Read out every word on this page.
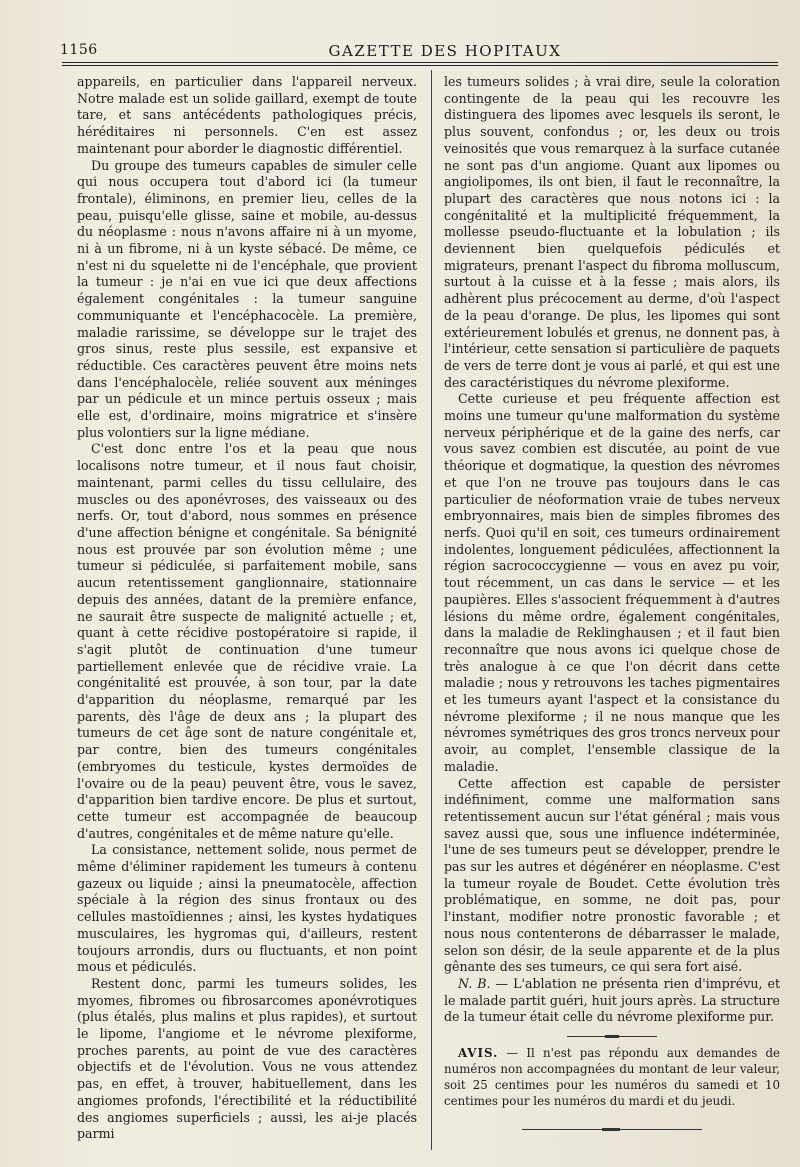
1156	GAZETTE DES HOPITAUX

appareils, en particulier dans l'appareil nerveux. Notre malade est un solide gaillard, exempt de toute tare, et sans antécédents pathologiques précis, héréditaires ni personnels. C'en est assez maintenant pour aborder le diagnostic différentiel.

Du groupe des tumeurs capables de simuler celle qui nous occupera tout d'abord ici (la tumeur frontale), éliminons, en premier lieu, celles de la peau, puisqu'elle glisse, saine et mobile, au-dessus du néoplasme : nous n'avons affaire ni à un myome, ni à un fibrome, ni à un kyste sébacé. De même, ce n'est ni du squelette ni de l'encéphale, que provient la tumeur : je n'ai en vue ici que deux affections également congénitales : la tumeur sanguine communiquante et l'encéphacocèle. La première, maladie rarissime, se développe sur le trajet des gros sinus, reste plus sessile, est expansive et réductible. Ces caractères peuvent être moins nets dans l'encéphalocèle, reliée souvent aux méninges par un pédicule et un mince pertuis osseux ; mais elle est, d'ordinaire, moins migratrice et s'insère plus volontiers sur la ligne médiane.

C'est donc entre l'os et la peau que nous localisons notre tumeur, et il nous faut choisir, maintenant, parmi celles du tissu cellulaire, des muscles ou des aponévroses, des vaisseaux ou des nerfs. Or, tout d'abord, nous sommes en présence d'une affection bénigne et congénitale. Sa bénignité nous est prouvée par son évolution même ; une tumeur si pédiculée, si parfaitement mobile, sans aucun retentissement ganglionnaire, stationnaire depuis des années, datant de la première enfance, ne saurait être suspecte de malignité actuelle ; et, quant à cette récidive postopératoire si rapide, il s'agit plutôt de continuation d'une tumeur partiellement enlevée que de récidive vraie. La congénitalité est prouvée, à son tour, par la date d'apparition du néoplasme, remarqué par les parents, dès l'âge de deux ans ; la plupart des tumeurs de cet âge sont de nature congénitale et, par contre, bien des tumeurs congénitales (embryomes du testicule, kystes dermoïdes de l'ovaire ou de la peau) peuvent être, vous le savez, d'apparition bien tardive encore. De plus et surtout, cette tumeur est accompagnée de beaucoup d'autres, congénitales et de même nature qu'elle.

La consistance, nettement solide, nous permet de même d'éliminer rapidement les tumeurs à contenu gazeux ou liquide ; ainsi la pneumatocèle, affection spéciale à la région des sinus frontaux ou des cellules mastoïdiennes ; ainsi, les kystes hydatiques musculaires, les hygromas qui, d'ailleurs, restent toujours arrondis, durs ou fluctuants, et non point mous et pédiculés.

Restent donc, parmi les tumeurs solides, les myomes, fibromes ou fibrosarcomes aponévrotiques (plus étalés, plus malins et plus rapides), et surtout le lipome, l'angiome et le névrome plexiforme, proches parents, au point de vue des caractères objectifs et de l'évolution. Vous ne vous attendez pas, en effet, à trouver, habituellement, dans les angiomes profonds, l'érectibilité et la réductibilité des angiomes superficiels ; aussi, les ai-je placés parmi

les tumeurs solides ; à vrai dire, seule la coloration contingente de la peau qui les recouvre les distinguera des lipomes avec lesquels ils seront, le plus souvent, confondus ; or, les deux ou trois veinosités que vous remarquez à la surface cutanée ne sont pas d'un angiome. Quant aux lipomes ou angiolipomes, ils ont bien, il faut le reconnaître, la plupart des caractères que nous notons ici : la congénitalité et la multiplicité fréquemment, la mollesse pseudo-fluctuante et la lobulation ; ils deviennent bien quelquefois pédiculés et migrateurs, prenant l'aspect du fibroma molluscum, surtout à la cuisse et à la fesse ; mais alors, ils adhèrent plus précocement au derme, d'où l'aspect de la peau d'orange. De plus, les lipomes qui sont extérieurement lobulés et grenus, ne donnent pas, à l'intérieur, cette sensation si particulière de paquets de vers de terre dont je vous ai parlé, et qui est une des caractéristiques du névrome plexiforme.

Cette curieuse et peu fréquente affection est moins une tumeur qu'une malformation du système nerveux périphérique et de la gaine des nerfs, car vous savez combien est discutée, au point de vue théorique et dogmatique, la question des névromes et que l'on ne trouve pas toujours dans le cas particulier de néoformation vraie de tubes nerveux embryonnaires, mais bien de simples fibromes des nerfs. Quoi qu'il en soit, ces tumeurs ordinairement indolentes, longuement pédiculées, affectionnent la région sacrococcygienne — vous en avez pu voir, tout récemment, un cas dans le service — et les paupières. Elles s'associent fréquemment à d'autres lésions du même ordre, également congénitales, dans la maladie de Reklinghausen ; et il faut bien reconnaître que nous avons ici quelque chose de très analogue à ce que l'on décrit dans cette maladie ; nous y retrouvons les taches pigmentaires et les tumeurs ayant l'aspect et la consistance du névrome plexiforme ; il ne nous manque que les névromes symétriques des gros troncs nerveux pour avoir, au complet, l'ensemble classique de la maladie.

Cette affection est capable de persister indéfiniment, comme une malformation sans retentissement aucun sur l'état général ; mais vous savez aussi que, sous une influence indéterminée, l'une de ses tumeurs peut se développer, prendre le pas sur les autres et dégénérer en néoplasme. C'est la tumeur royale de Boudet. Cette évolution très problématique, en somme, ne doit pas, pour l'instant, modifier notre pronostic favorable ; et nous nous contenterons de débarrasser le malade, selon son désir, de la seule apparente et de la plus gênante des ses tumeurs, ce qui sera fort aisé.

N. B. — L'ablation ne présenta rien d'imprévu, et le malade partit guéri, huit jours après. La structure de la tumeur était celle du névrome plexiforme pur.

AVIS. — Il n'est pas répondu aux demandes de numéros non accompagnées du montant de leur valeur, soit 25 centimes pour les numéros du samedi et 10 centimes pour les numéros du mardi et du jeudi.
